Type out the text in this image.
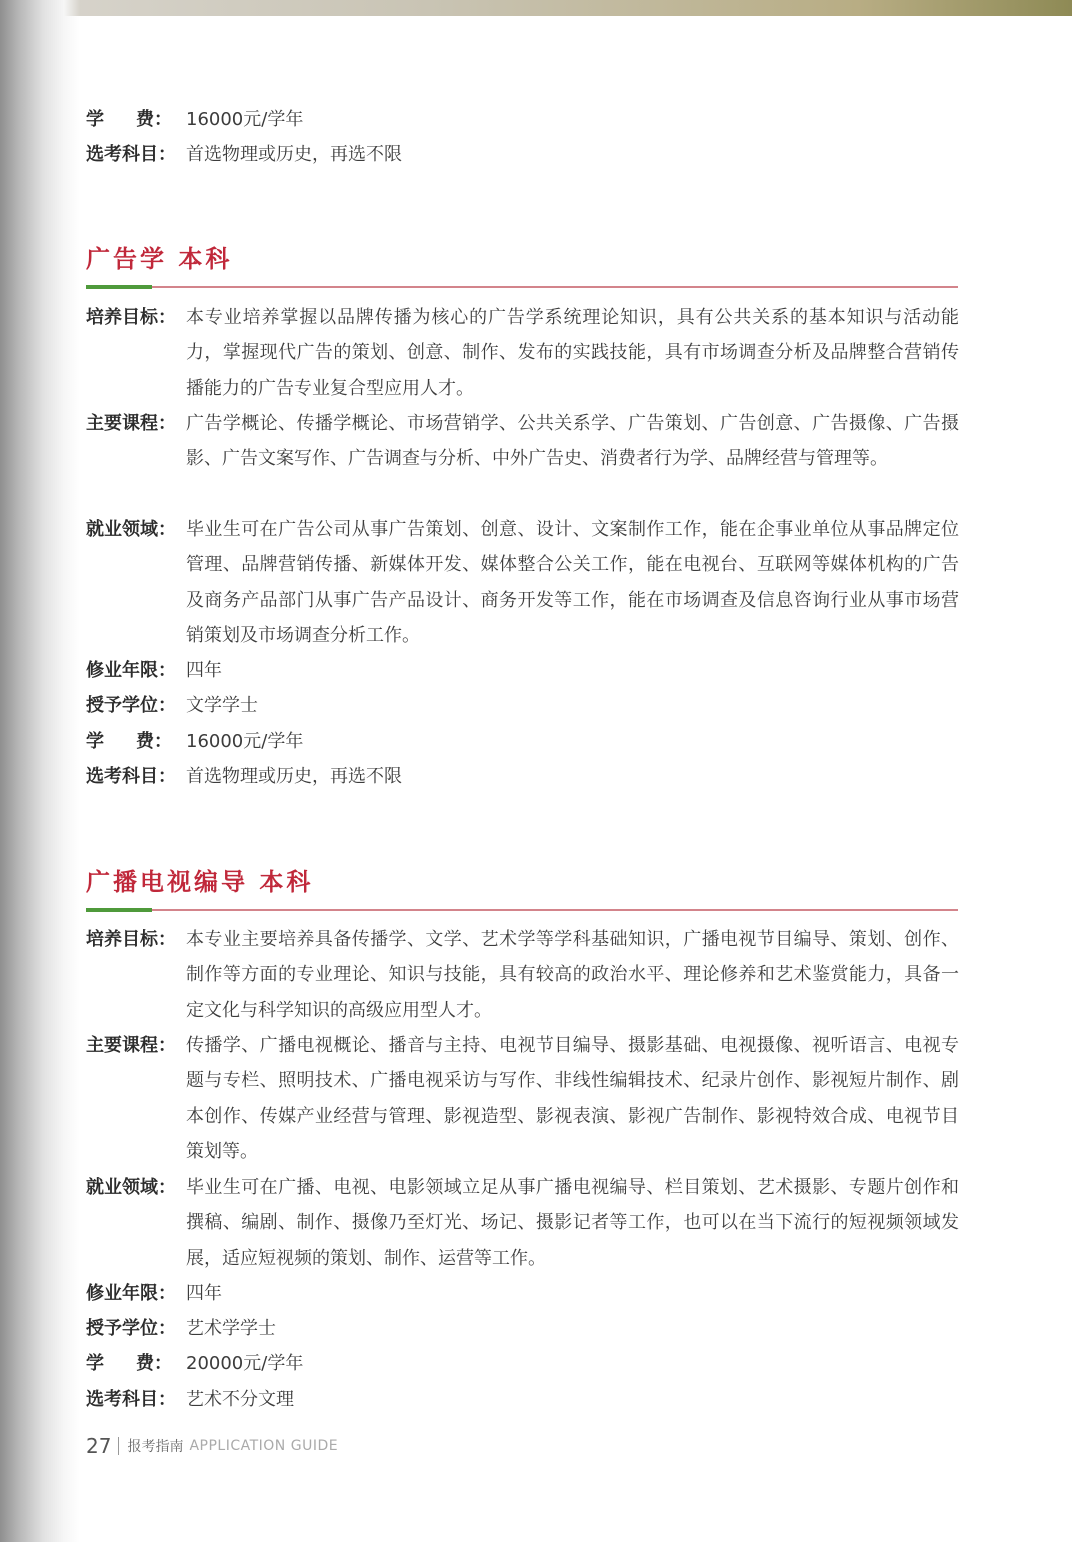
学 费： 16000元/学年
选考科目： 首选物理或历史，再选不限
广告学 本科
培养目标： 本专业培养掌握以品牌传播为核心的广告学系统理论知识，具有公共关系的基本知识与活动能力，掌握现代广告的策划、创意、制作、发布的实践技能，具有市场调查分析及品牌整合营销传播能力的广告专业复合型应用人才。
主要课程： 广告学概论、传播学概论、市场营销学、公共关系学、广告策划、广告创意、广告摄像、广告摄影、广告文案写作、广告调查与分析、中外广告史、消费者行为学、品牌经营与管理等。
就业领域： 毕业生可在广告公司从事广告策划、创意、设计、文案制作工作，能在企事业单位从事品牌定位管理、品牌营销传播、新媒体开发、媒体整合公关工作，能在电视台、互联网等媒体机构的广告及商务产品部门从事广告产品设计、商务开发等工作，能在市场调查及信息咨询行业从事市场营销策划及市场调查分析工作。
修业年限： 四年
授予学位： 文学学士
学 费： 16000元/学年
选考科目： 首选物理或历史，再选不限
广播电视编导 本科
培养目标： 本专业主要培养具备传播学、文学、艺术学等学科基础知识，广播电视节目编导、策划、创作、制作等方面的专业理论、知识与技能，具有较高的政治水平、理论修养和艺术鉴赏能力，具备一定文化与科学知识的高级应用型人才。
主要课程： 传播学、广播电视概论、播音与主持、电视节目编导、摄影基础、电视摄像、视听语言、电视专题与专栏、照明技术、广播电视采访与写作、非线性编辑技术、纪录片创作、影视短片制作、剧本创作、传媒产业经营与管理、影视造型、影视表演、影视广告制作、影视特效合成、电视节目策划等。
就业领域： 毕业生可在广播、电视、电影领域立足从事广播电视编导、栏目策划、艺术摄影、专题片创作和撰稿、编剧、制作、摄像乃至灯光、场记、摄影记者等工作，也可以在当下流行的短视频领域发展，适应短视频的策划、制作、运营等工作。
修业年限： 四年
授予学位： 艺术学学士
学 费： 20000元/学年
选考科目： 艺术不分文理
27 报考指南 APPLICATION GUIDE
